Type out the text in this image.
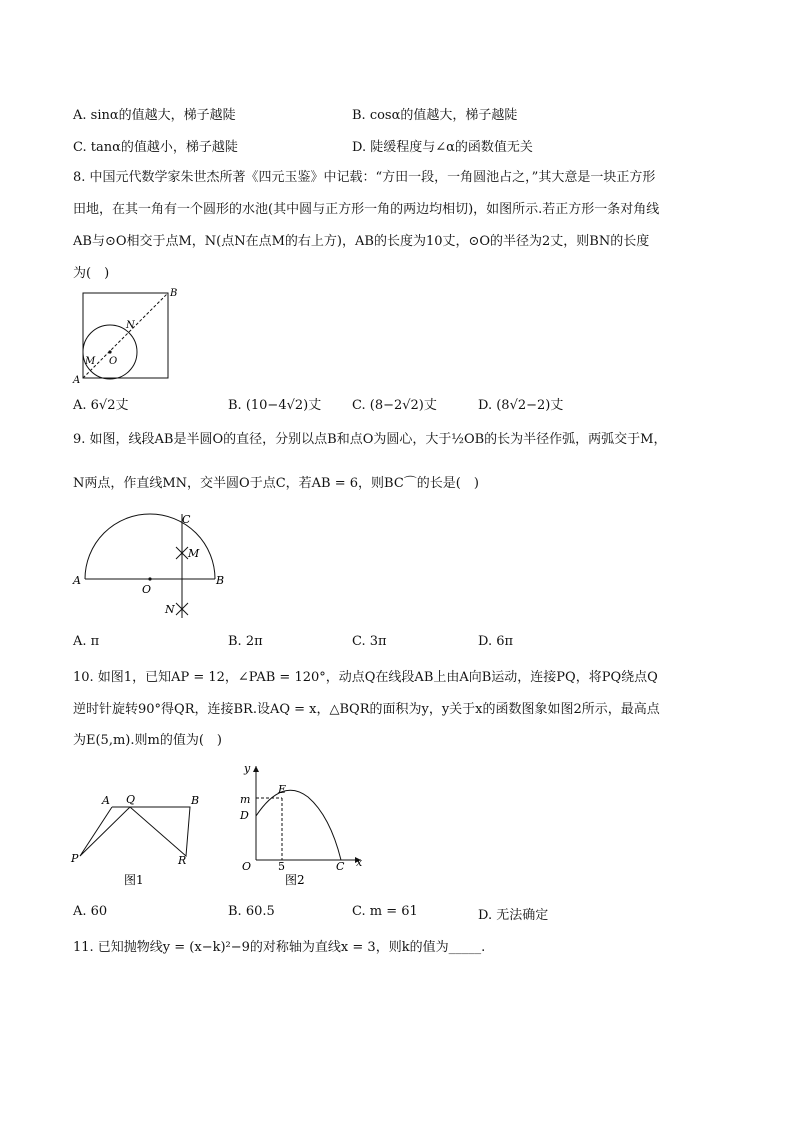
A. sinα的值越大，梯子越陡	B. cosα的值越大，梯子越陡
C. tanα的值越小，梯子越陡	D. 陡缓程度与∠α的函数值无关
8. 中国元代数学家朱世杰所著《四元玉鉴》中记载：“方田一段，一角圆池占之，”其大意是一块正方形
田地，在其一角有一个圆形的水池(其中圆与正方形一角的两边均相切)，如图所示.若正方形一条对角线
AB与⊙O相交于点M，N(点N在点M的右上方)，AB的长度为10丈，⊙O的半径为2丈，则BN的长度
为(　)
B
A
N
M O
A. 6√2丈	B. (10−4√2)丈 C. (8−2√2)丈	D. (8√2−2)丈
9. 如图，线段AB是半圆O的直径，分别以点B和点O为圆心，大于½OB的长为半径作弧，两弧交于M，
N两点，作直线MN，交半圆O于点C，若AB = 6，则BC⌒的长是(　)
C
M
A	B
O
N
A. π	B. 2π	C. 3π	D. 6π
10. 如图1，已知AP = 12，∠PAB = 120°，动点Q在线段AB上由A向B运动，连接PQ，将PQ绕点Q
逆时针旋转90°得QR，连接BR.设AQ = x，△BQR的面积为y，y关于x的函数图象如图2所示，最高点
为E(5,m).则m的值为(　)
A Q	B
P	R
图1
y
m
E
D
O 5	C x
图2
A. 60	B. 60.5	C. m = 61	D. 无法确定
11. 已知抛物线y = (x−k)²−9的对称轴为直线x = 3，则k的值为_____.
